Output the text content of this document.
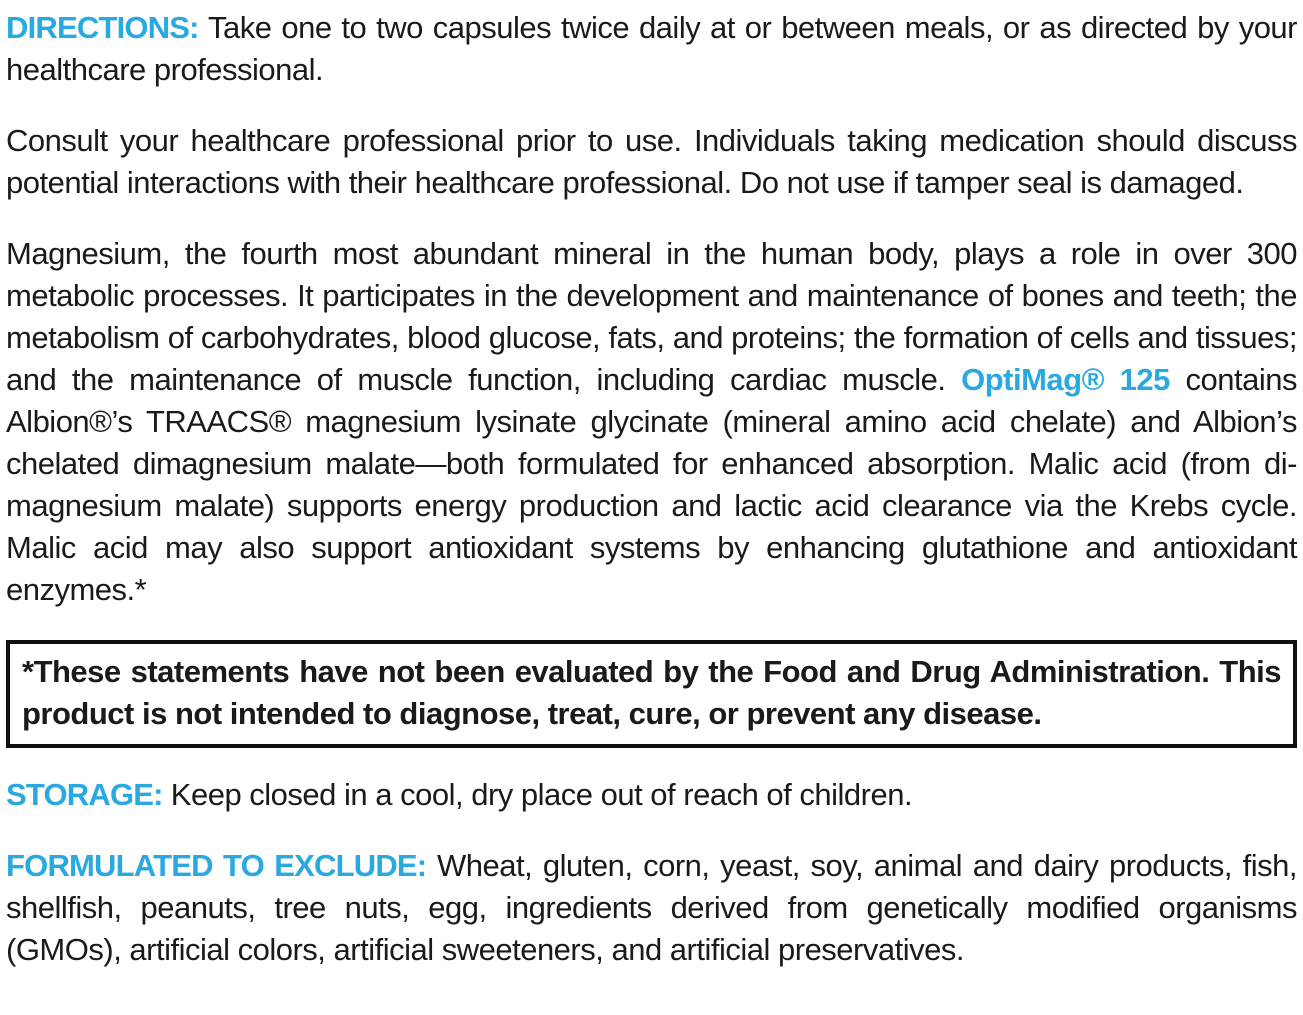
DIRECTIONS: Take one to two capsules twice daily at or between meals, or as directed by your healthcare professional.

Consult your healthcare professional prior to use. Individuals taking medication should discuss potential interactions with their healthcare professional. Do not use if tamper seal is damaged.

Magnesium, the fourth most abundant mineral in the human body, plays a role in over 300 metabolic processes. It participates in the development and maintenance of bones and teeth; the metabolism of carbohydrates, blood glucose, fats, and proteins; the formation of cells and tissues; and the maintenance of muscle function, including cardiac muscle. OptiMag® 125 contains Albion®’s TRAACS® magnesium lysinate glycinate (mineral amino acid chelate) and Albion’s chelated dimagnesium malate—both formulated for enhanced absorption. Malic acid (from di-magnesium malate) supports energy production and lactic acid clearance via the Krebs cycle. Malic acid may also support antioxidant systems by enhancing glutathione and antioxidant enzymes.*

*These statements have not been evaluated by the Food and Drug Administration. This product is not intended to diagnose, treat, cure, or prevent any disease.

STORAGE: Keep closed in a cool, dry place out of reach of children.

FORMULATED TO EXCLUDE: Wheat, gluten, corn, yeast, soy, animal and dairy products, fish, shellfish, peanuts, tree nuts, egg, ingredients derived from genetically modified organisms (GMOs), artificial colors, artificial sweeteners, and artificial preservatives.
